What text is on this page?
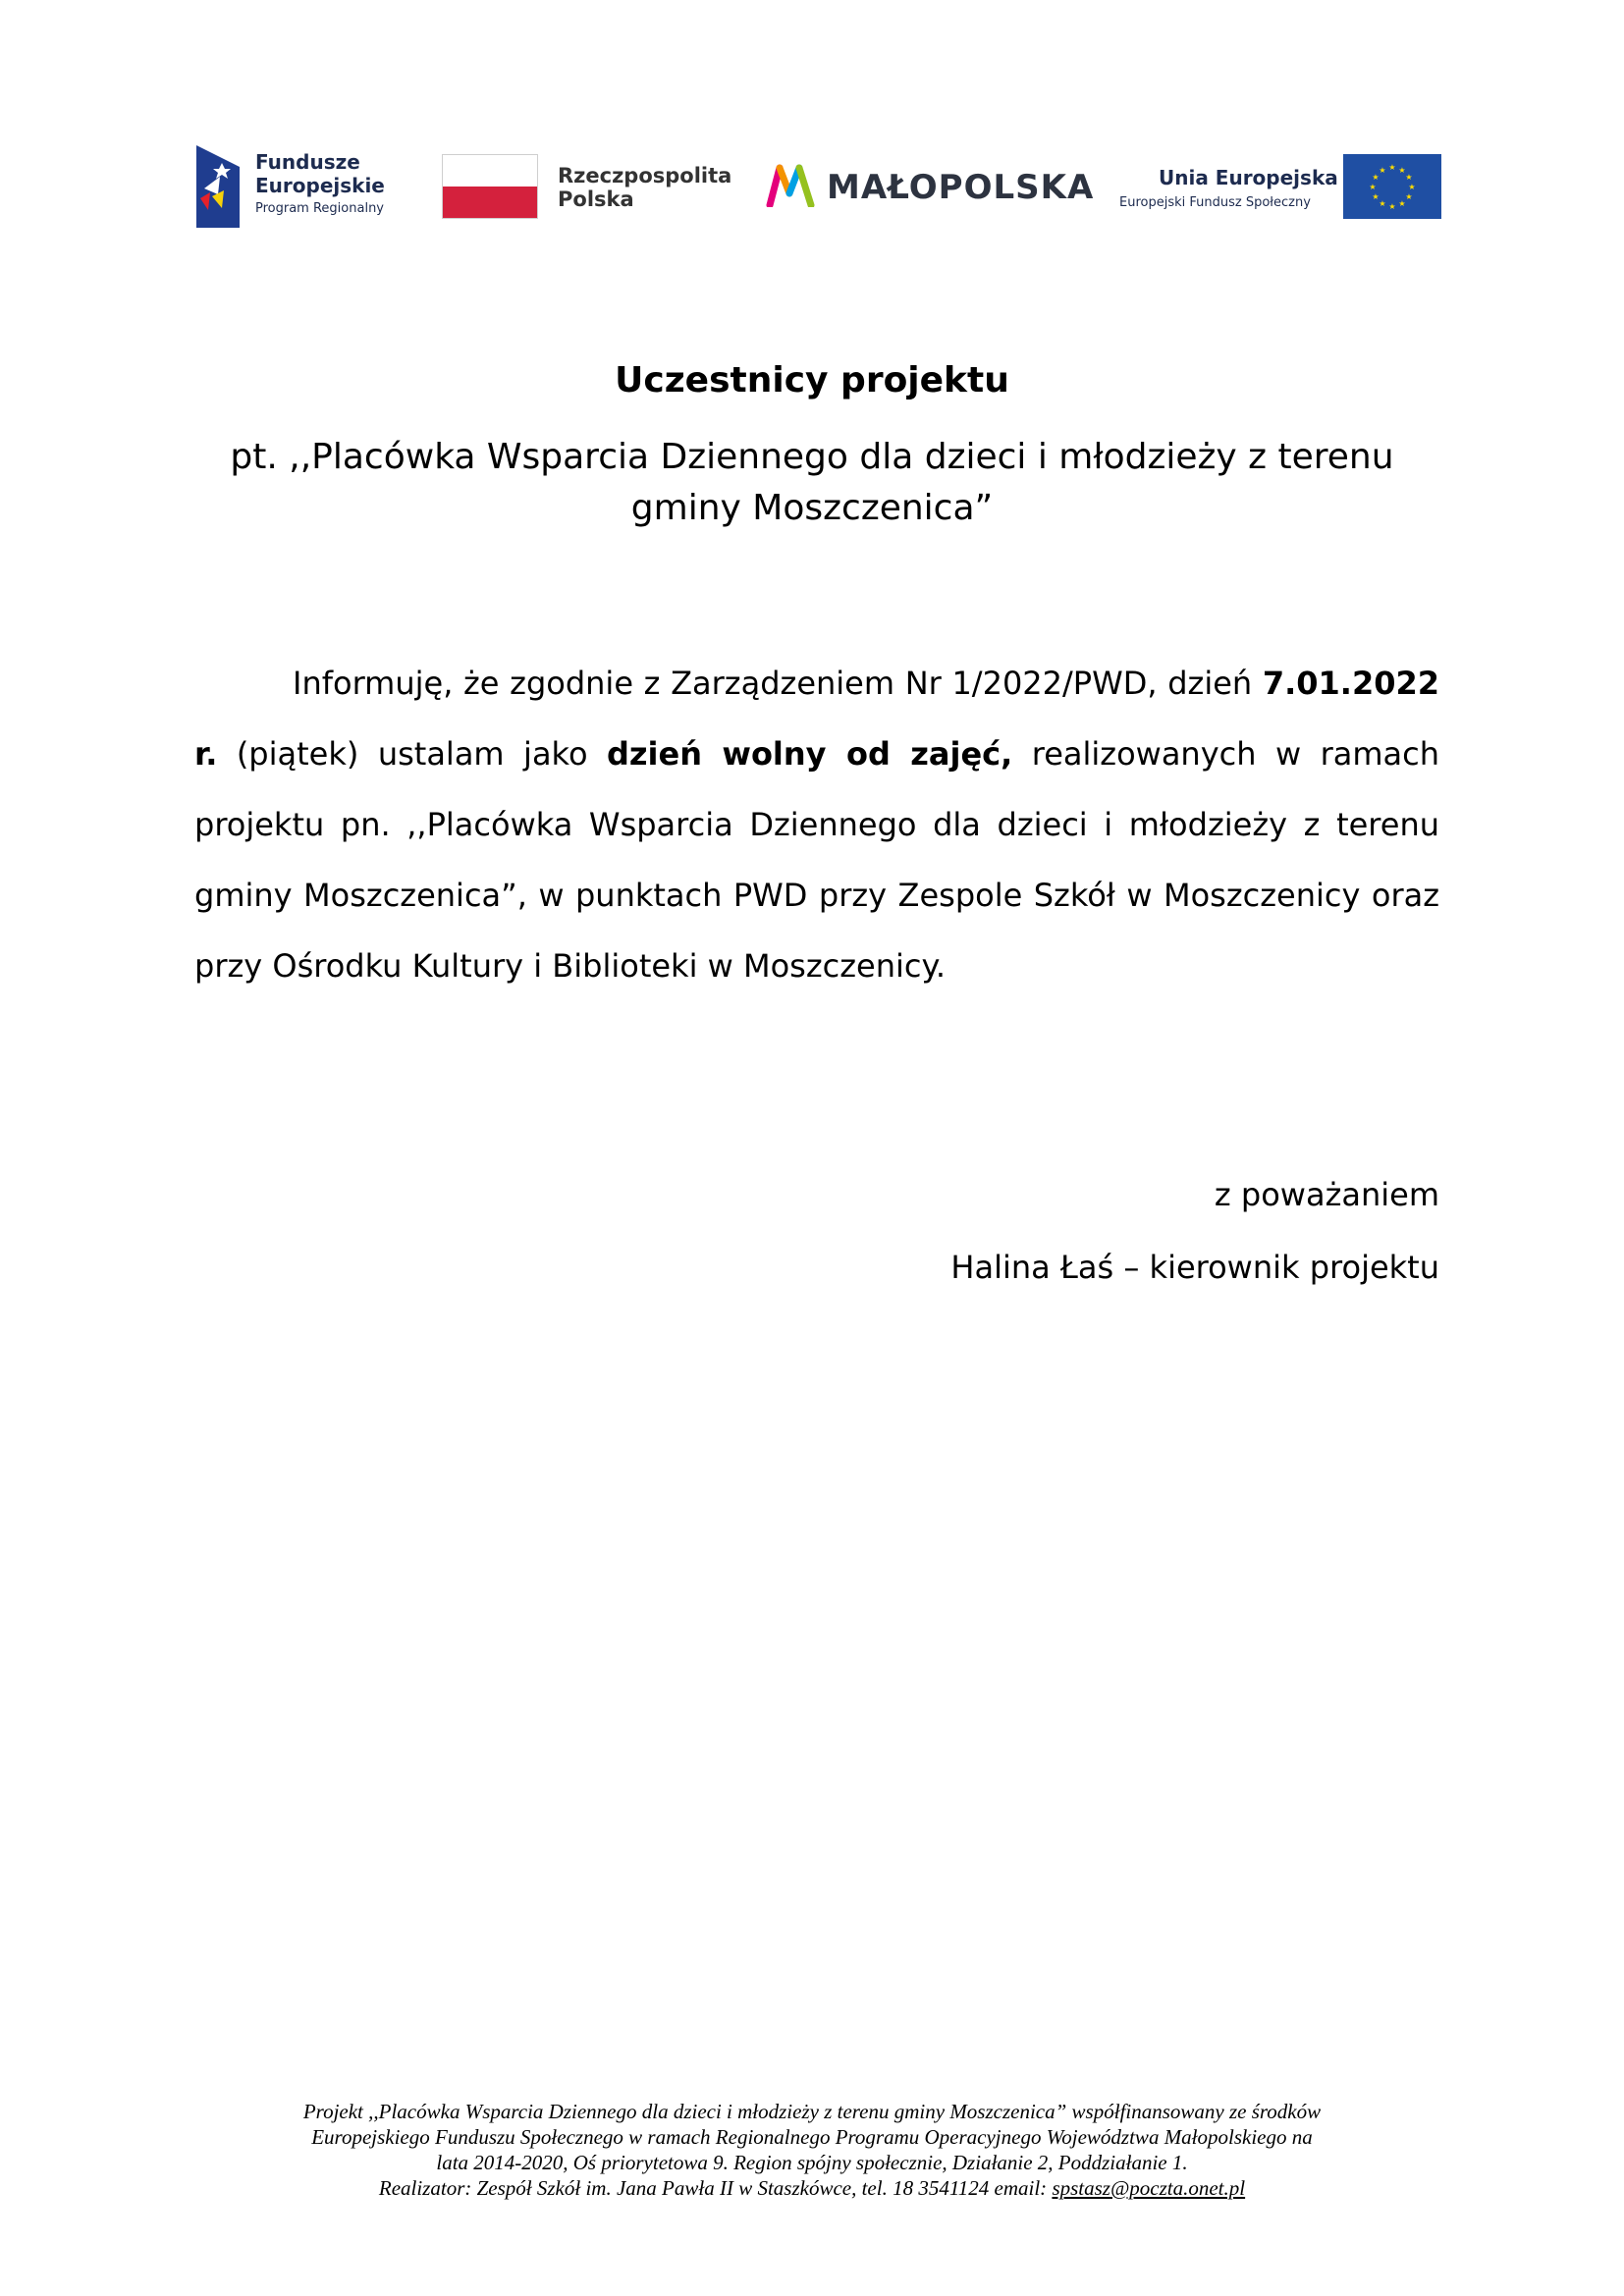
Fundusze
Europejskie
Program Regionalny
Rzeczpospolita
Polska	MAŁOPOLSKA	Unia Europejska
Europejski Fundusz Społeczny
★ ★
★
★
★
★
★
★
★
★
★
★
Uczestnicy projektu
pt. ,,Placówka Wsparcia Dziennego dla dzieci i młodzieży z terenu gminy Moszczenica”

Informuję, że zgodnie z Zarządzeniem Nr 1/2022/PWD, dzień 7.01.2022 r. (piątek) ustalam jako dzień wolny od zajęć, realizowanych w ramach projektu pn. ,,Placówka Wsparcia Dziennego dla dzieci i młodzieży z terenu gminy Moszczenica”, w punktach PWD przy Zespole Szkół w Moszczenicy oraz przy Ośrodku Kultury i Biblioteki w Moszczenicy.

z poważaniem
Halina Łaś – kierownik projektu
Projekt ,,Placówka Wsparcia Dziennego dla dzieci i młodzieży z terenu gminy Moszczenica” współfinansowany ze środków
Europejskiego Funduszu Społecznego w ramach Regionalnego Programu Operacyjnego Województwa Małopolskiego na
lata 2014-2020, Oś priorytetowa 9. Region spójny społecznie, Działanie 2, Poddziałanie 1.
Realizator: Zespół Szkół im. Jana Pawła II w Staszkówce, tel. 18 3541124 email: spstasz@poczta.onet.pl
